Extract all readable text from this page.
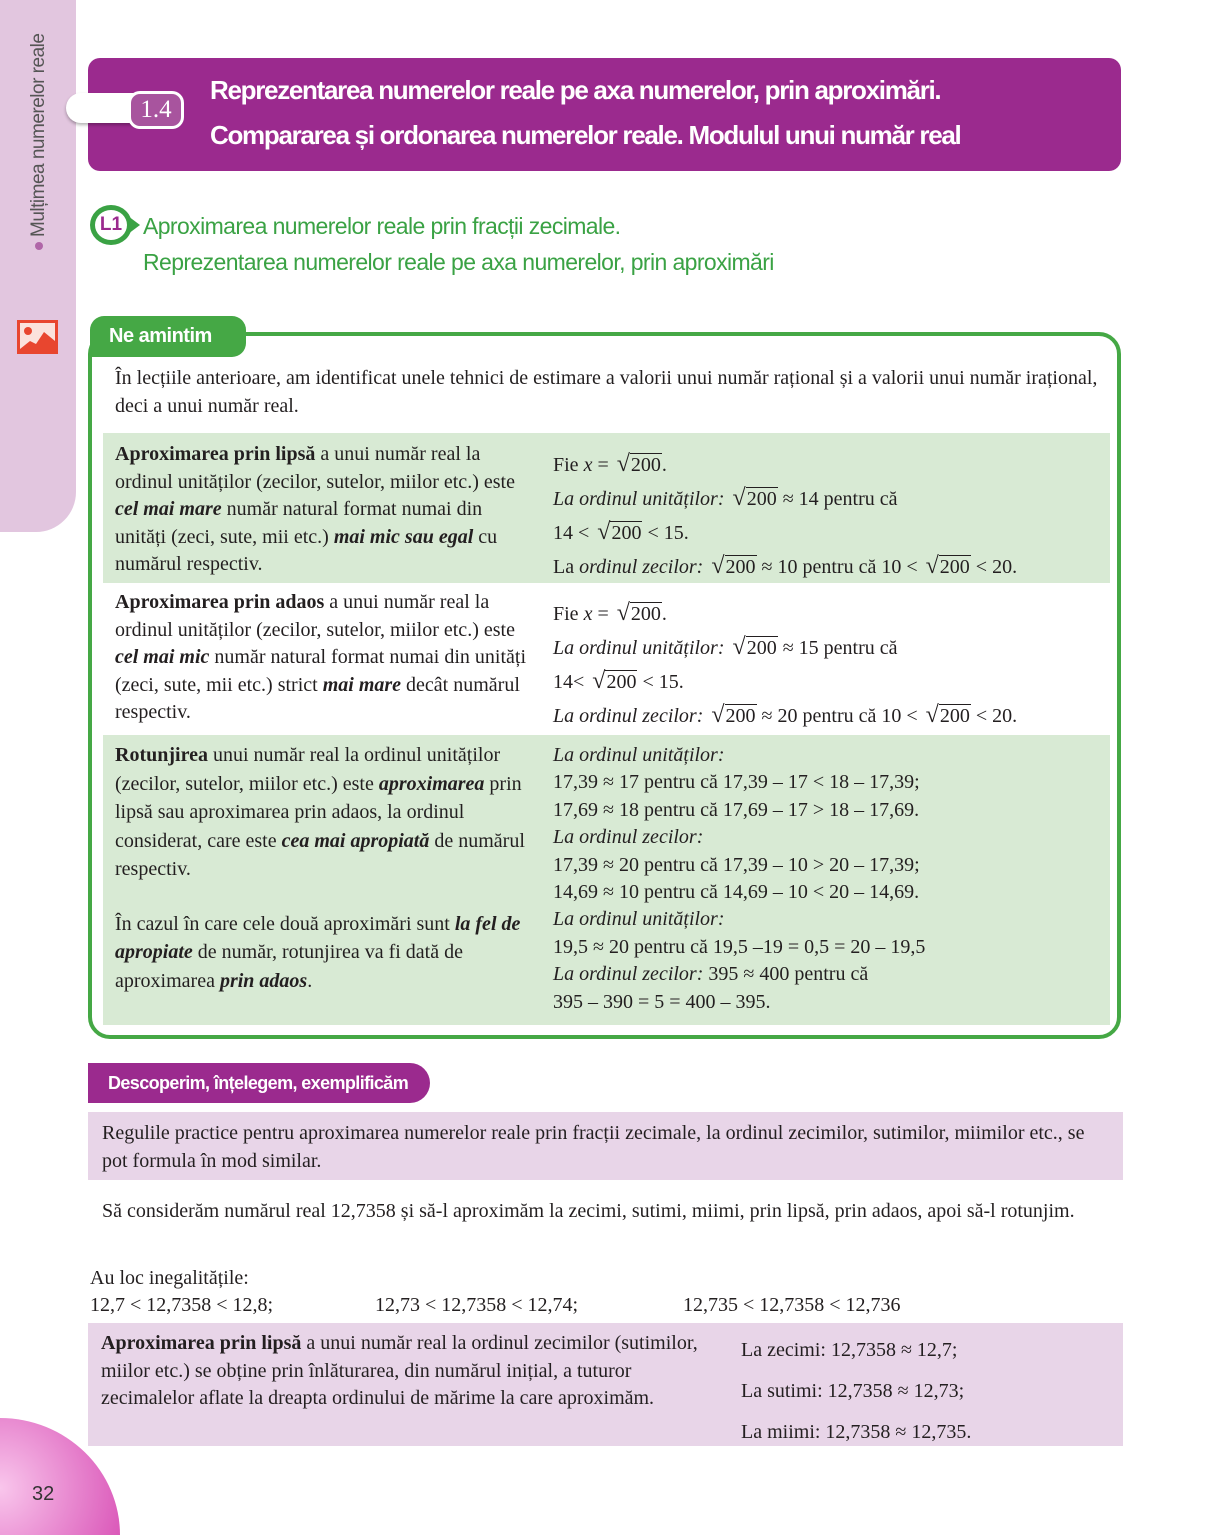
Mulțimea numerelor reale
32
1.4
Reprezentarea numerelor reale pe axa numerelor, prin aproximări.
Compararea și ordonarea numerelor reale. Modulul unui număr real
L1 Aproximarea numerelor reale prin fracții zecimale.
Reprezentarea numerelor reale pe axa numerelor, prin aproximări
Ne amintim
În lecțiile anterioare, am identificat unele tehnici de estimare a valorii unui număr rațional și a valorii unui număr irațional, deci a unui număr real.
Aproximarea prin lipsă a unui număr real la ordinul unităților (zecilor, sutelor, miilor etc.) este cel mai mare număr natural format numai din unități (zeci, sute, mii etc.) mai mic sau egal cu numărul respectiv.
Fie x = √200.
La ordinul unităților: √200 ≈ 14 pentru că
14 < √200 < 15.
La ordinul zecilor: √200 ≈ 10 pentru că 10 < √200 < 20.
Aproximarea prin adaos a unui număr real la ordinul unităților (zecilor, sutelor, miilor etc.) este cel mai mic număr natural format numai din unități (zeci, sute, mii etc.) strict mai mare decât numărul respectiv.
Fie x = √200.
La ordinul unităților: √200 ≈ 15 pentru că
14< √200 < 15.
La ordinul zecilor: √200 ≈ 20 pentru că 10 < √200 < 20.
Rotunjirea unui număr real la ordinul unităților (zecilor, sutelor, miilor etc.) este aproximarea prin lipsă sau aproximarea prin adaos, la ordinul considerat, care este cea mai apropiată de numărul respectiv.
În cazul în care cele două aproximări sunt la fel de apropiate de număr, rotunjirea va fi dată de aproximarea prin adaos.
La ordinul unităților:
17,39 ≈ 17 pentru că 17,39 – 17 < 18 – 17,39;
17,69 ≈ 18 pentru că 17,69 – 17 > 18 – 17,69.
La ordinul zecilor:
17,39 ≈ 20 pentru că 17,39 – 10 > 20 – 17,39;
14,69 ≈ 10 pentru că 14,69 – 10 < 20 – 14,69.
La ordinul unităților:
19,5 ≈ 20 pentru că 19,5 –19 = 0,5 = 20 – 19,5
La ordinul zecilor: 395 ≈ 400 pentru că
395 – 390 = 5 = 400 – 395.
Descoperim, înțelegem, exemplificăm
Regulile practice pentru aproximarea numerelor reale prin fracții zecimale, la ordinul zecimilor, sutimilor, miimilor etc., se pot formula în mod similar.
Să considerăm numărul real 12,7358 și să-l aproximăm la zecimi, sutimi, miimi, prin lipsă, prin adaos, apoi să-l rotunjim.
Au loc inegalitățile:
12,7 < 12,7358 < 12,8;	12,73 < 12,7358 < 12,74;	12,735 < 12,7358 < 12,736
Aproximarea prin lipsă a unui număr real la ordinul zecimilor (sutimilor, miilor etc.) se obține prin înlăturarea, din numărul inițial, a tuturor zecimalelor aflate la dreapta ordinului de mărime la care aproximăm.
La zecimi: 12,7358 ≈ 12,7;
La sutimi: 12,7358 ≈ 12,73;
La miimi: 12,7358 ≈ 12,735.
